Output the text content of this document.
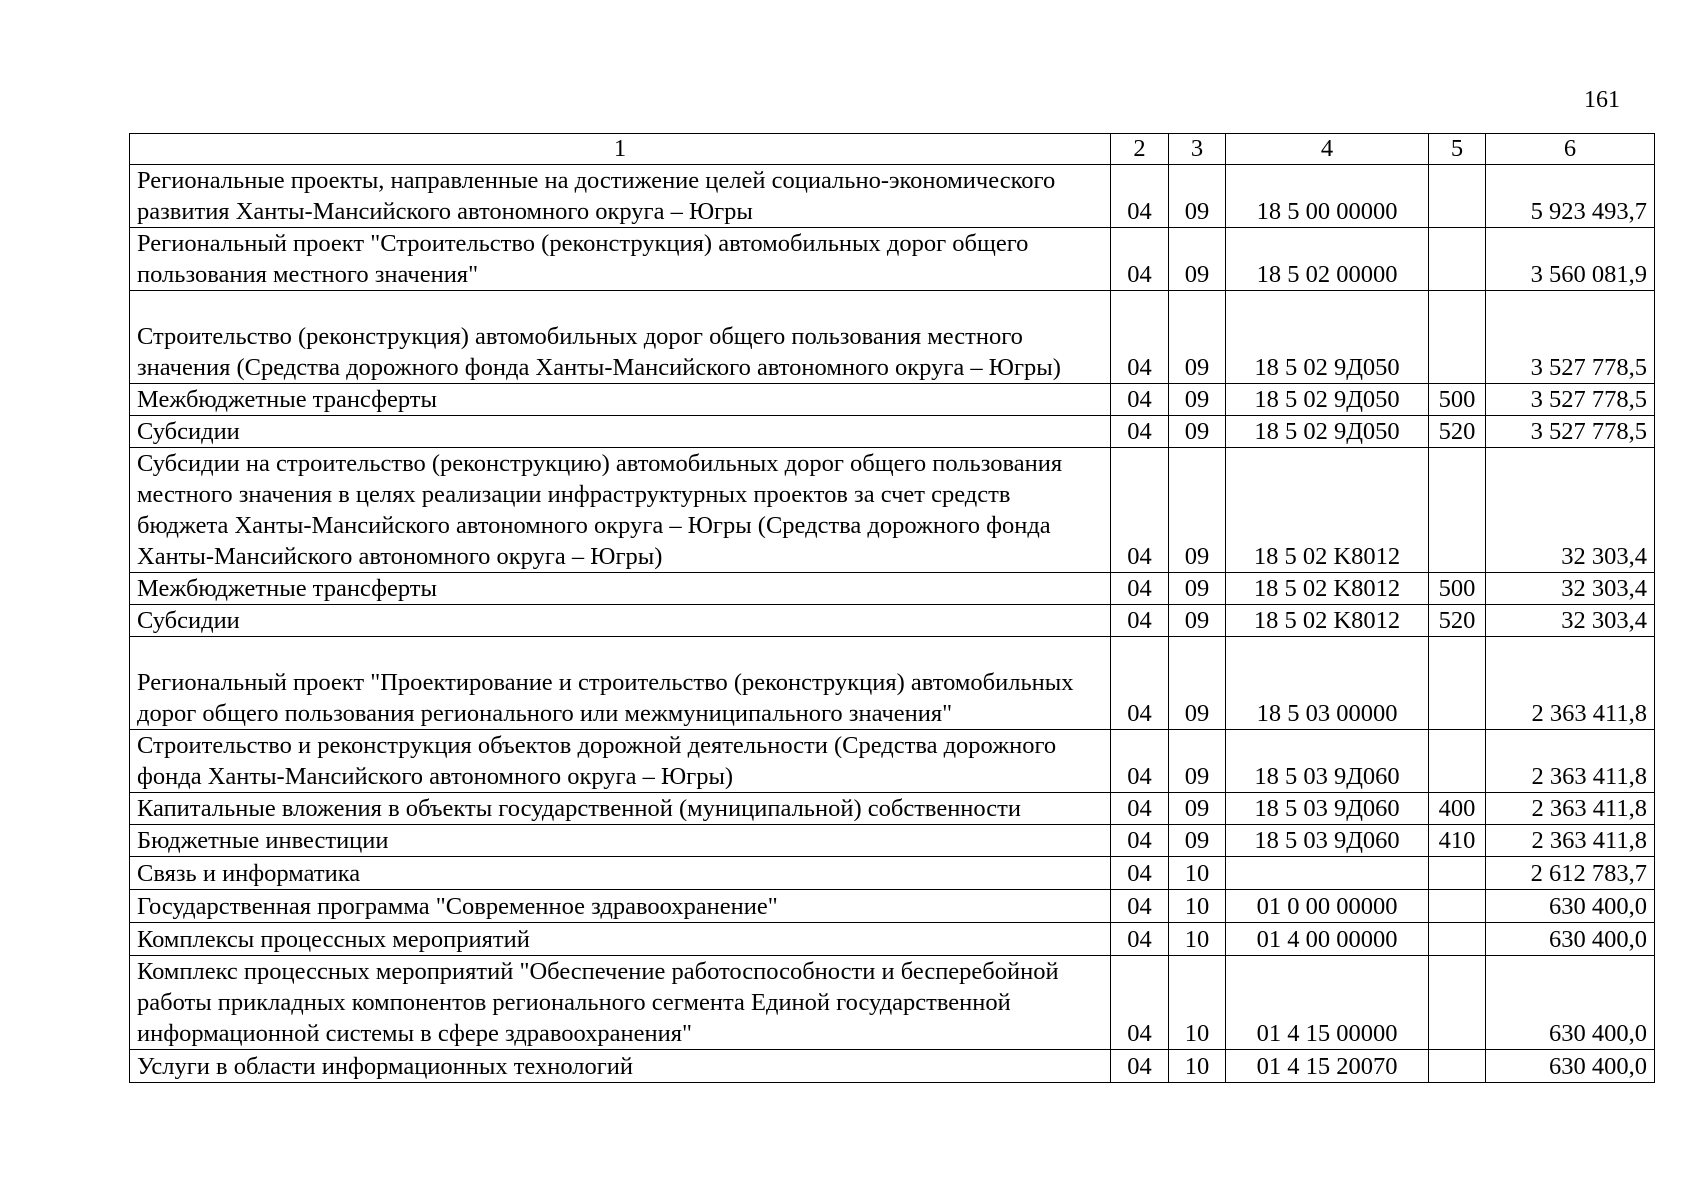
161
1	2	3	4	5	6
Региональные проекты, направленные на достижение целей социально-экономического развития Ханты-Мансийского автономного округа – Югры	04	09	18 5 00 00000		5 923 493,7
Региональный проект "Строительство (реконструкция) автомобильных дорог общего пользования местного значения"	04	09	18 5 02 00000		3 560 081,9
Строительство (реконструкция) автомобильных дорог общего пользования местного значения (Средства дорожного фонда Ханты-Мансийского автономного округа – Югры)	04	09	18 5 02 9Д050		3 527 778,5
Межбюджетные трансферты	04	09	18 5 02 9Д050	500	3 527 778,5
Субсидии	04	09	18 5 02 9Д050	520	3 527 778,5
Субсидии на строительство (реконструкцию) автомобильных дорог общего пользования местного значения в целях реализации инфраструктурных проектов за счет средств бюджета Ханты-Мансийского автономного округа – Югры (Средства дорожного фонда Ханты-Мансийского автономного округа – Югры)	04	09	18 5 02 K8012		32 303,4
Межбюджетные трансферты	04	09	18 5 02 K8012	500	32 303,4
Субсидии	04	09	18 5 02 K8012	520	32 303,4
Региональный проект "Проектирование и строительство (реконструкция) автомобильных дорог общего пользования регионального или межмуниципального значения"	04	09	18 5 03 00000		2 363 411,8
Строительство и реконструкция объектов дорожной деятельности (Средства дорожного фонда Ханты-Мансийского автономного округа – Югры)	04	09	18 5 03 9Д060		2 363 411,8
Капитальные вложения в объекты государственной (муниципальной) собственности	04	09	18 5 03 9Д060	400	2 363 411,8
Бюджетные инвестиции	04	09	18 5 03 9Д060	410	2 363 411,8
Связь и информатика	04	10			2 612 783,7
Государственная программа "Современное здравоохранение"	04	10	01 0 00 00000		630 400,0
Комплексы процессных мероприятий	04	10	01 4 00 00000		630 400,0
Комплекс процессных мероприятий "Обеспечение работоспособности и бесперебойной работы прикладных компонентов регионального сегмента Единой государственной информационной системы в сфере здравоохранения"	04	10	01 4 15 00000		630 400,0
Услуги в области информационных технологий	04	10	01 4 15 20070		630 400,0
